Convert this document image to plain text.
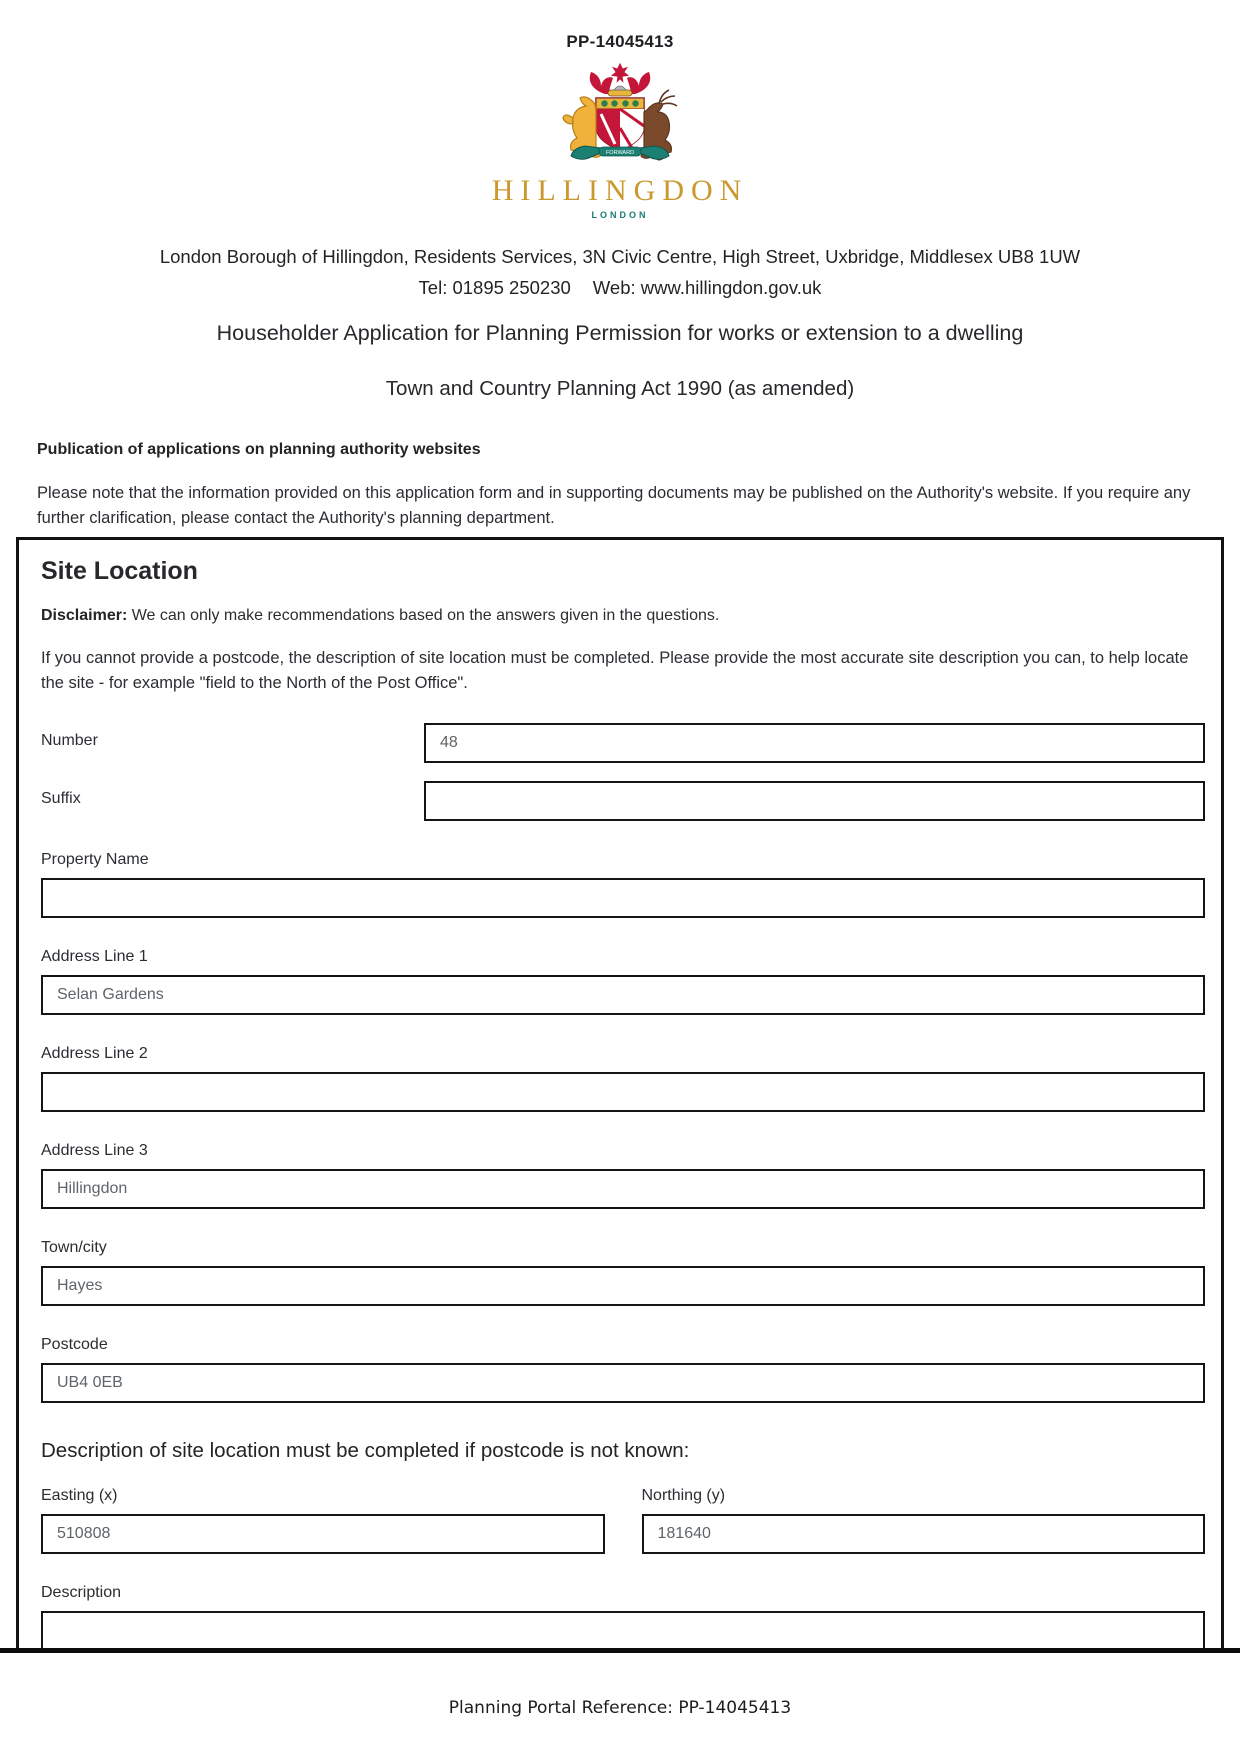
PP-14045413
FORWARD
HILLINGDON
LONDON
London Borough of Hillingdon, Residents Services, 3N Civic Centre, High Street, Uxbridge, Middlesex UB8 1UW
Tel: 01895 250230 Web: www.hillingdon.gov.uk
Householder Application for Planning Permission for works or extension to a dwelling
Town and Country Planning Act 1990 (as amended)
Publication of applications on planning authority websites
Please note that the information provided on this application form and in supporting documents may be published on the Authority's website. If you require any further clarification, please contact the Authority's planning department.
Site Location
Disclaimer: We can only make recommendations based on the answers given in the questions.
If you cannot provide a postcode, the description of site location must be completed. Please provide the most accurate site description you can, to help locate the site - for example "field to the North of the Post Office".
Number
48
Suffix
Property Name
Address Line 1
Selan Gardens
Address Line 2
Address Line 3
Hillingdon
Town/city
Hayes
Postcode
UB4 0EB
Description of site location must be completed if postcode is not known:
Easting (x)
510808	Northing (y)
181640
Description
Planning Portal Reference: PP-14045413
